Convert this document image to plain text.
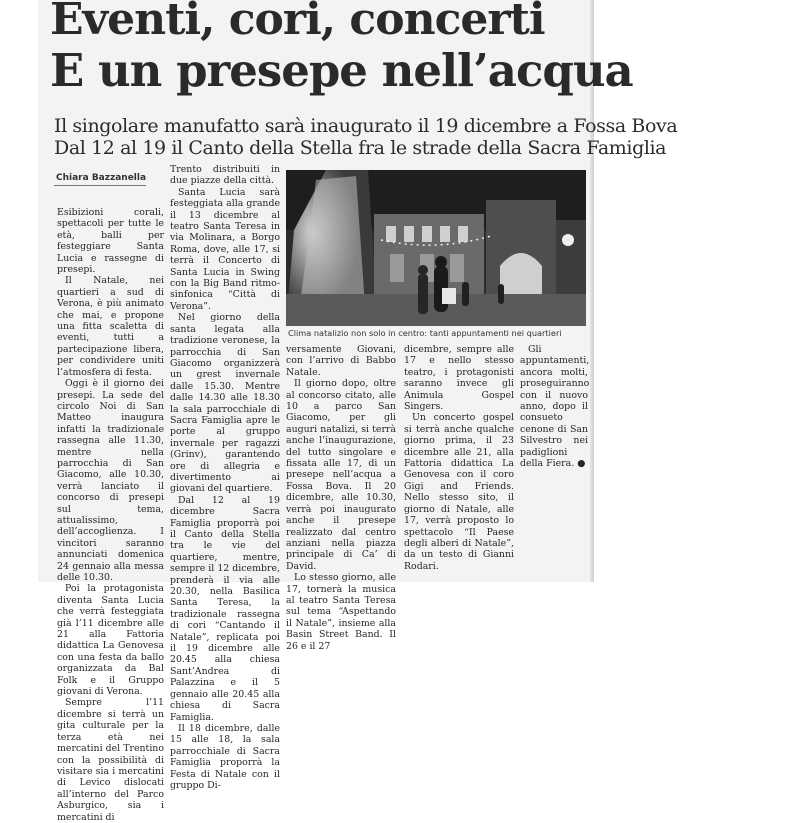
Eventi, cori, concerti
E un presepe nell’acqua
Il singolare manufatto sarà inaugurato il 19 dicembre a Fossa Bova
Dal 12 al 19 il Canto della Stella fra le strade della Sacra Famiglia
Chiara Bazzanella

Esibizioni corali, spettacoli per tutte le età, balli per festeggiare Santa Lucia e rassegne di presepi.

Il Natale, nei quartieri a sud di Verona, è più animato che mai, e propone una fitta scaletta di eventi, tutti a partecipazione libera, per condividere uniti l’atmosfera di festa.

Oggi è il giorno dei presepi. La sede del circolo Noi di San Matteo inaugura infatti la tradizionale rassegna alle 11.30, mentre nella parrocchia di San Giacomo, alle 10.30, verrà lanciato il concorso di presepi sul tema, attualissimo, dell’accoglienza. I vincitori saranno annunciati domenica 24 gennaio alla messa delle 10.30.

Poi la protagonista diventa Santa Lucia che verrà festeggiata già l’11 dicembre alle 21 alla Fattoria didattica La Genovesa con una festa da ballo organizzata da Bal Folk e il Gruppo giovani di Verona.

Sempre l’11 dicembre si terrà un gita culturale per la terza età nei mercatini del Trentino con la possibilità di visitare sia i mercatini di Levico dislocati all’interno del Parco Asburgico, sia i mercatini di

Trento distribuiti in due piazze della città.

Santa Lucia sarà festeggiata alla grande il 13 dicembre al teatro Santa Teresa in via Molinara, a Borgo Roma, dove, alle 17, si terrà il Concerto di Santa Lucia in Swing con la Big Band ritmo-sinfonica “Città di Verona”.

Nel giorno della santa legata alla tradizione veronese, la parrocchia di San Giacomo organizzerà un grest invernale dalle 15.30. Mentre dalle 14.30 alle 18.30 la sala parrocchiale di Sacra Famiglia apre le porte al gruppo invernale per ragazzi (Grinv), garantendo ore di allegria e divertimento ai giovani del quartiere.

Dal 12 al 19 dicembre Sacra Famiglia proporrà poi il Canto della Stella tra le vie del quartiere, mentre, sempre il 12 dicembre, prenderà il via alle 20.30, nella Basilica Santa Teresa, la tradizionale rassegna di cori “Cantando il Natale”, replicata poi il 19 dicembre alle 20.45 alla chiesa Sant’Andrea di Palazzina e il 5 gennaio alle 20.45 alla chiesa di Sacra Famiglia.

Il 18 dicembre, dalle 15 alle 18, la sala parrocchiale di Sacra Famiglia proporrà la Festa di Natale con il gruppo Di-

Clima natalizio non solo in centro: tanti appuntamenti nei quartieri

versamente Giovani, con l’arrivo di Babbo Natale.

Il giorno dopo, oltre al concorso citato, alle 10 a parco San Giacomo, per gli auguri natalizi, si terrà anche l’inaugurazione, del tutto singolare e fissata alle 17, di un presepe nell’acqua a Fossa Bova. Il 20 dicembre, alle 10.30, verrà poi inaugurato anche il presepe realizzato dal centro anziani nella piazza principale di Ca’ di David.

Lo stesso giorno, alle 17, tornerà la musica al teatro Santa Teresa sul tema “Aspettando il Natale”, insieme alla Basin Street Band. Il 26 e il 27

dicembre, sempre alle 17 e nello stesso teatro, i protagonisti saranno invece gli Animula Gospel Singers.

Un concerto gospel si terrà anche qualche giorno prima, il 23 dicembre alle 21, alla Fattoria didattica La Genovesa con il coro Gigi and Friends. Nello stesso sito, il giorno di Natale, alle 17, verrà proposto lo spettacolo “Il Paese degli alberi di Natale”, da un testo di Gianni Rodari.

Gli appuntamenti, ancora molti, proseguiranno con il nuovo anno, dopo il consueto cenone di San Silvestro nei padiglioni della Fiera. ●
